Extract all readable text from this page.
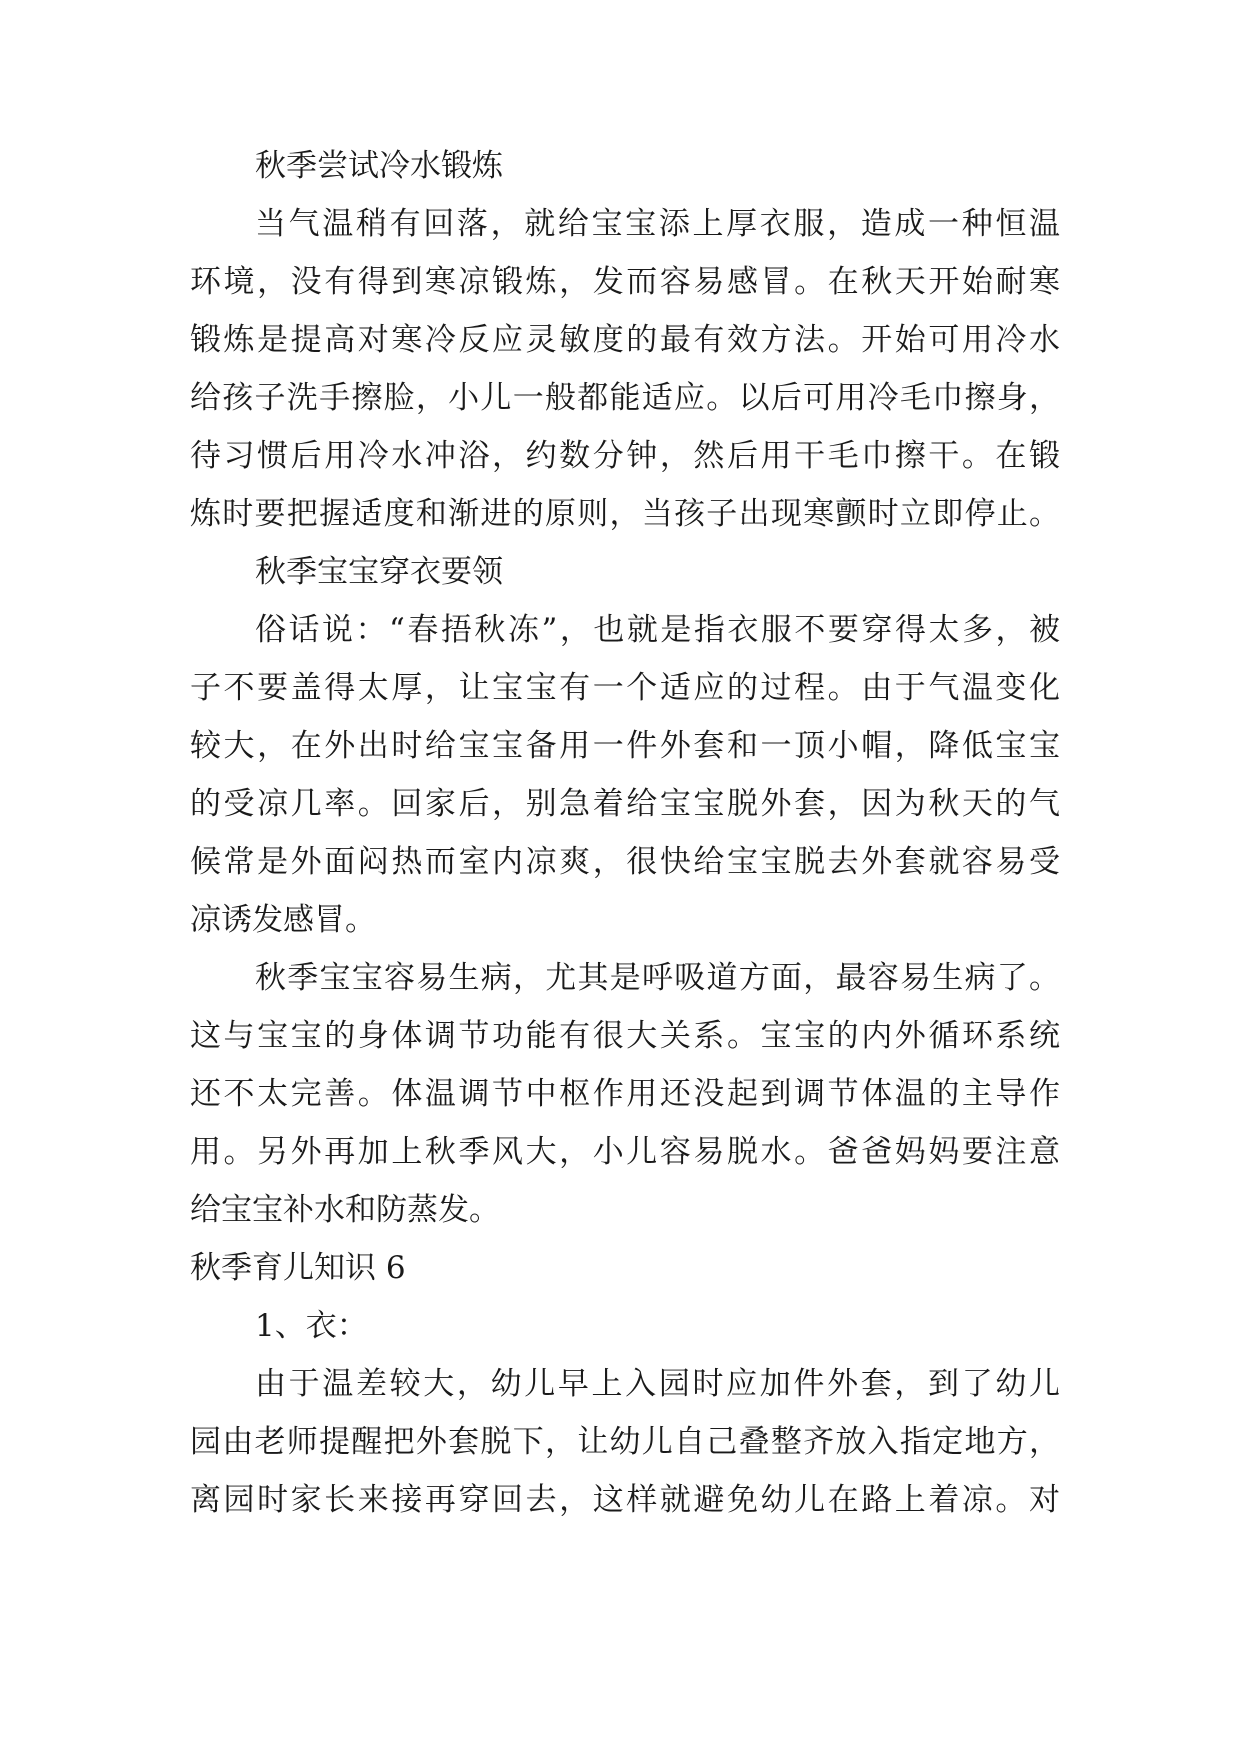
秋季尝试冷水锻炼
当气温稍有回落，就给宝宝添上厚衣服，造成一种恒温
环境，没有得到寒凉锻炼，发而容易感冒。在秋天开始耐寒
锻炼是提高对寒冷反应灵敏度的最有效方法。开始可用冷水
给孩子洗手擦脸，小儿一般都能适应。以后可用冷毛巾擦身，
待习惯后用冷水冲浴，约数分钟，然后用干毛巾擦干。在锻
炼时要把握适度和渐进的原则，当孩子出现寒颤时立即停止。
秋季宝宝穿衣要领
俗话说：“春捂秋冻”，也就是指衣服不要穿得太多，被
子不要盖得太厚，让宝宝有一个适应的过程。由于气温变化
较大，在外出时给宝宝备用一件外套和一顶小帽，降低宝宝
的受凉几率。回家后，别急着给宝宝脱外套，因为秋天的气
候常是外面闷热而室内凉爽，很快给宝宝脱去外套就容易受
凉诱发感冒。
秋季宝宝容易生病，尤其是呼吸道方面，最容易生病了。
这与宝宝的身体调节功能有很大关系。宝宝的内外循环系统
还不太完善。体温调节中枢作用还没起到调节体温的主导作
用。另外再加上秋季风大，小儿容易脱水。爸爸妈妈要注意
给宝宝补水和防蒸发。
秋季育儿知识 6
1、衣：
由于温差较大，幼儿早上入园时应加件外套，到了幼儿
园由老师提醒把外套脱下，让幼儿自己叠整齐放入指定地方，
离园时家长来接再穿回去，这样就避免幼儿在路上着凉。对
